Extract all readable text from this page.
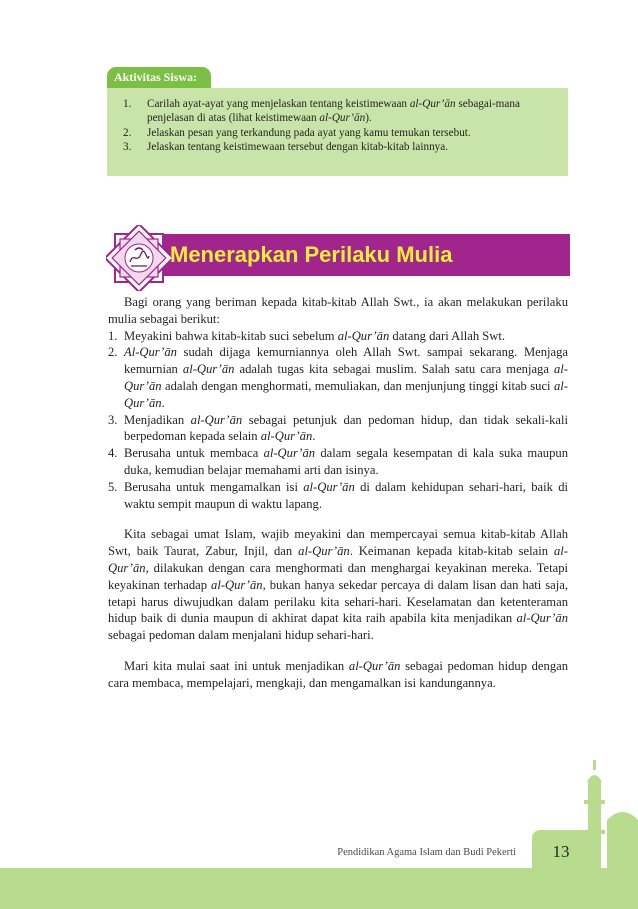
Aktivitas Siswa:
1. Carilah ayat-ayat yang menjelaskan tentang keistimewaan al-Qur’ān sebagai-mana penjelasan di atas (lihat keistimewaan al-Qur’ān).
2. Jelaskan pesan yang terkandung pada ayat yang kamu temukan tersebut.
3. Jelaskan tentang keistimewaan tersebut dengan kitab-kitab lainnya.
Menerapkan Perilaku Mulia

Bagi orang yang beriman kepada kitab-kitab Allah Swt., ia akan melakukan perilaku mulia sebagai berikut:

1. Meyakini bahwa kitab-kitab suci sebelum al-Qur’ān datang dari Allah Swt.
2. Al-Qur’ān sudah dijaga kemurniannya oleh Allah Swt. sampai sekarang. Menjaga kemurnian al-Qur’ān adalah tugas kita sebagai muslim. Salah satu cara menjaga al-Qur’ān adalah dengan menghormati, memuliakan, dan menjunjung tinggi kitab suci al-Qur’ān.
3. Menjadikan al-Qur’ān sebagai petunjuk dan pedoman hidup, dan tidak sekali-kali berpedoman kepada selain al-Qur’ān.
4. Berusaha untuk membaca al-Qur’ān dalam segala kesempatan di kala suka maupun duka, kemudian belajar memahami arti dan isinya.
5. Berusaha untuk mengamalkan isi al-Qur’ān di dalam kehidupan sehari-hari, baik di waktu sempit maupun di waktu lapang.

Kita sebagai umat Islam, wajib meyakini dan mempercayai semua kitab-kitab Allah Swt, baik Taurat, Zabur, Injil, dan al-Qur’ān. Keimanan kepada kitab-kitab selain al-Qur’ān, dilakukan dengan cara menghormati dan menghargai keyakinan mereka. Tetapi keyakinan terhadap al-Qur’ān, bukan hanya sekedar percaya di dalam lisan dan hati saja, tetapi harus diwujudkan dalam perilaku kita sehari-hari. Keselamatan dan ketenteraman hidup baik di dunia maupun di akhirat dapat kita raih apabila kita menjadikan al-Qur’ān sebagai pedoman dalam menjalani hidup sehari-hari.

Mari kita mulai saat ini untuk menjadikan al-Qur’ān sebagai pedoman hidup dengan cara membaca, mempelajari, mengkaji, dan mengamalkan isi kandungannya.

Pendidikan Agama Islam dan Budi Pekerti	13
